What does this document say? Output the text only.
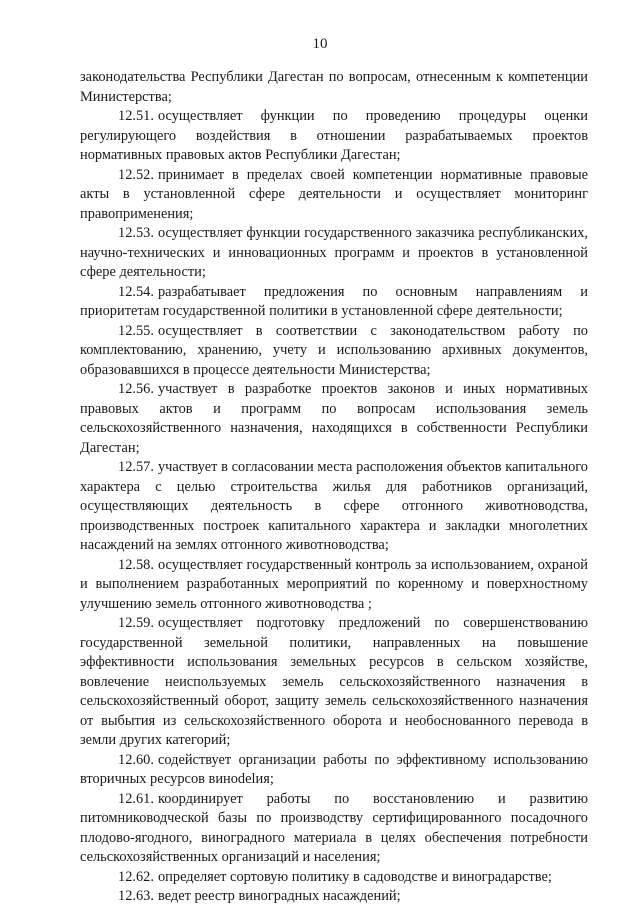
10

законодательства Республики Дагестан по вопросам, отнесенным к компетенции Министерства;

12.51. осуществляет функции по проведению процедуры оценки регулирующего воздействия в отношении разрабатываемых проектов нормативных правовых актов Республики Дагестан;

12.52. принимает в пределах своей компетенции нормативные правовые акты в установленной сфере деятельности и осуществляет мониторинг правоприменения;

12.53. осуществляет функции государственного заказчика республиканских, научно-технических и инновационных программ и проектов в установленной сфере деятельности;

12.54. разрабатывает предложения по основным направлениям и приоритетам государственной политики в установленной сфере деятельности;

12.55. осуществляет в соответствии с законодательством работу по комплектованию, хранению, учету и использованию архивных документов, образовавшихся в процессе деятельности Министерства;

12.56. участвует в разработке проектов законов и иных нормативных правовых актов и программ по вопросам использования земель сельскохозяйственного назначения, находящихся в собственности Республики Дагестан;

12.57. участвует в согласовании места расположения объектов капитального характера с целью строительства жилья для работников организаций, осуществляющих деятельность в сфере отгонного животноводства, производственных построек капитального характера и закладки многолетних насаждений на землях отгонного животноводства;

12.58. осуществляет государственный контроль за использованием, охраной и выполнением разработанных мероприятий по коренному и поверхностному улучшению земель отгонного животноводства ;

12.59. осуществляет подготовку предложений по совершенствованию государственной земельной политики, направленных на повышение эффективности использования земельных ресурсов в сельском хозяйстве, вовлечение неиспользуемых земель сельскохозяйственного назначения в сельскохозяйственный оборот, защиту земель сельскохозяйственного назначения от выбытия из сельскохозяйственного оборота и необоснованного перевода в земли других категорий;

12.60. содействует организации работы по эффективному использованию вторичных ресурсов винodelия;

12.61. координирует работы по восстановлению и развитию питомниководческой базы по производству сертифицированного посадочного плодово-ягодного, виноградного материала в целях обеспечения потребности сельскохозяйственных организаций и населения;

12.62. определяет сортовую политику в садоводстве и виноградарстве;

12.63. ведет реестр виноградных насаждений;
